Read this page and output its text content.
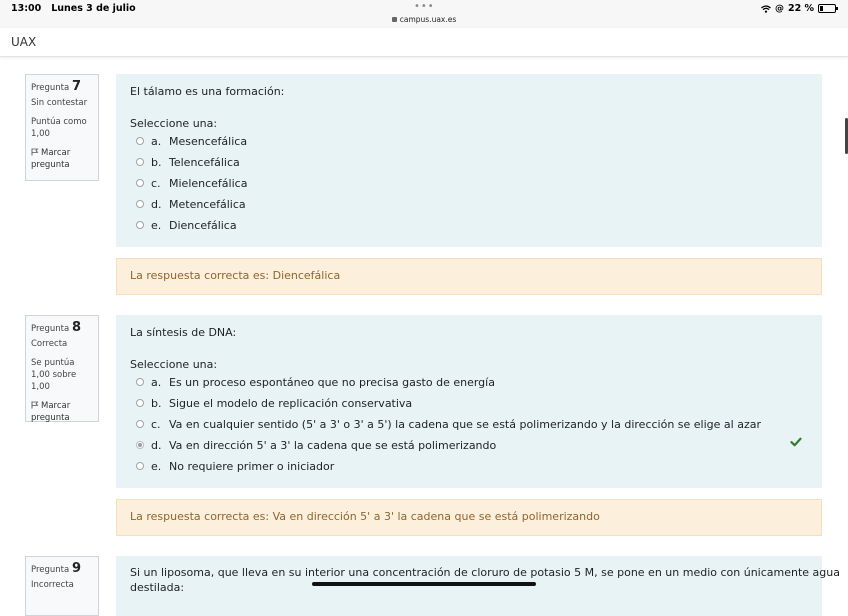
13:00 Lunes 3 de julio	•••
campus.uax.es
@ 22 %
UAX
Pregunta 7
Sin contestar
Puntúa como 1,00
Marcar pregunta
El tálamo es una formación:
Seleccione una:
a. Mesencefálica
b. Telencefálica
c. Mielencefálica
d. Metencefálica
e. Diencefálica
La respuesta correcta es: Diencefálica
Pregunta 8
Correcta
Se puntúa 1,00 sobre 1,00
Marcar pregunta
La síntesis de DNA:
Seleccione una:
a. Es un proceso espontáneo que no precisa gasto de energía
b. Sigue el modelo de replicación conservativa
c. Va en cualquier sentido (5' a 3' o 3' a 5') la cadena que se está polimerizando y la dirección se elige al azar
d. Va en dirección 5' a 3' la cadena que se está polimerizando
e. No requiere primer o iniciador
La respuesta correcta es: Va en dirección 5' a 3' la cadena que se está polimerizando
Pregunta 9
Incorrecta
Si un liposoma, que lleva en su interior una concentración de cloruro de potasio 5 M, se pone en un medio con únicamente agua
destilada:
